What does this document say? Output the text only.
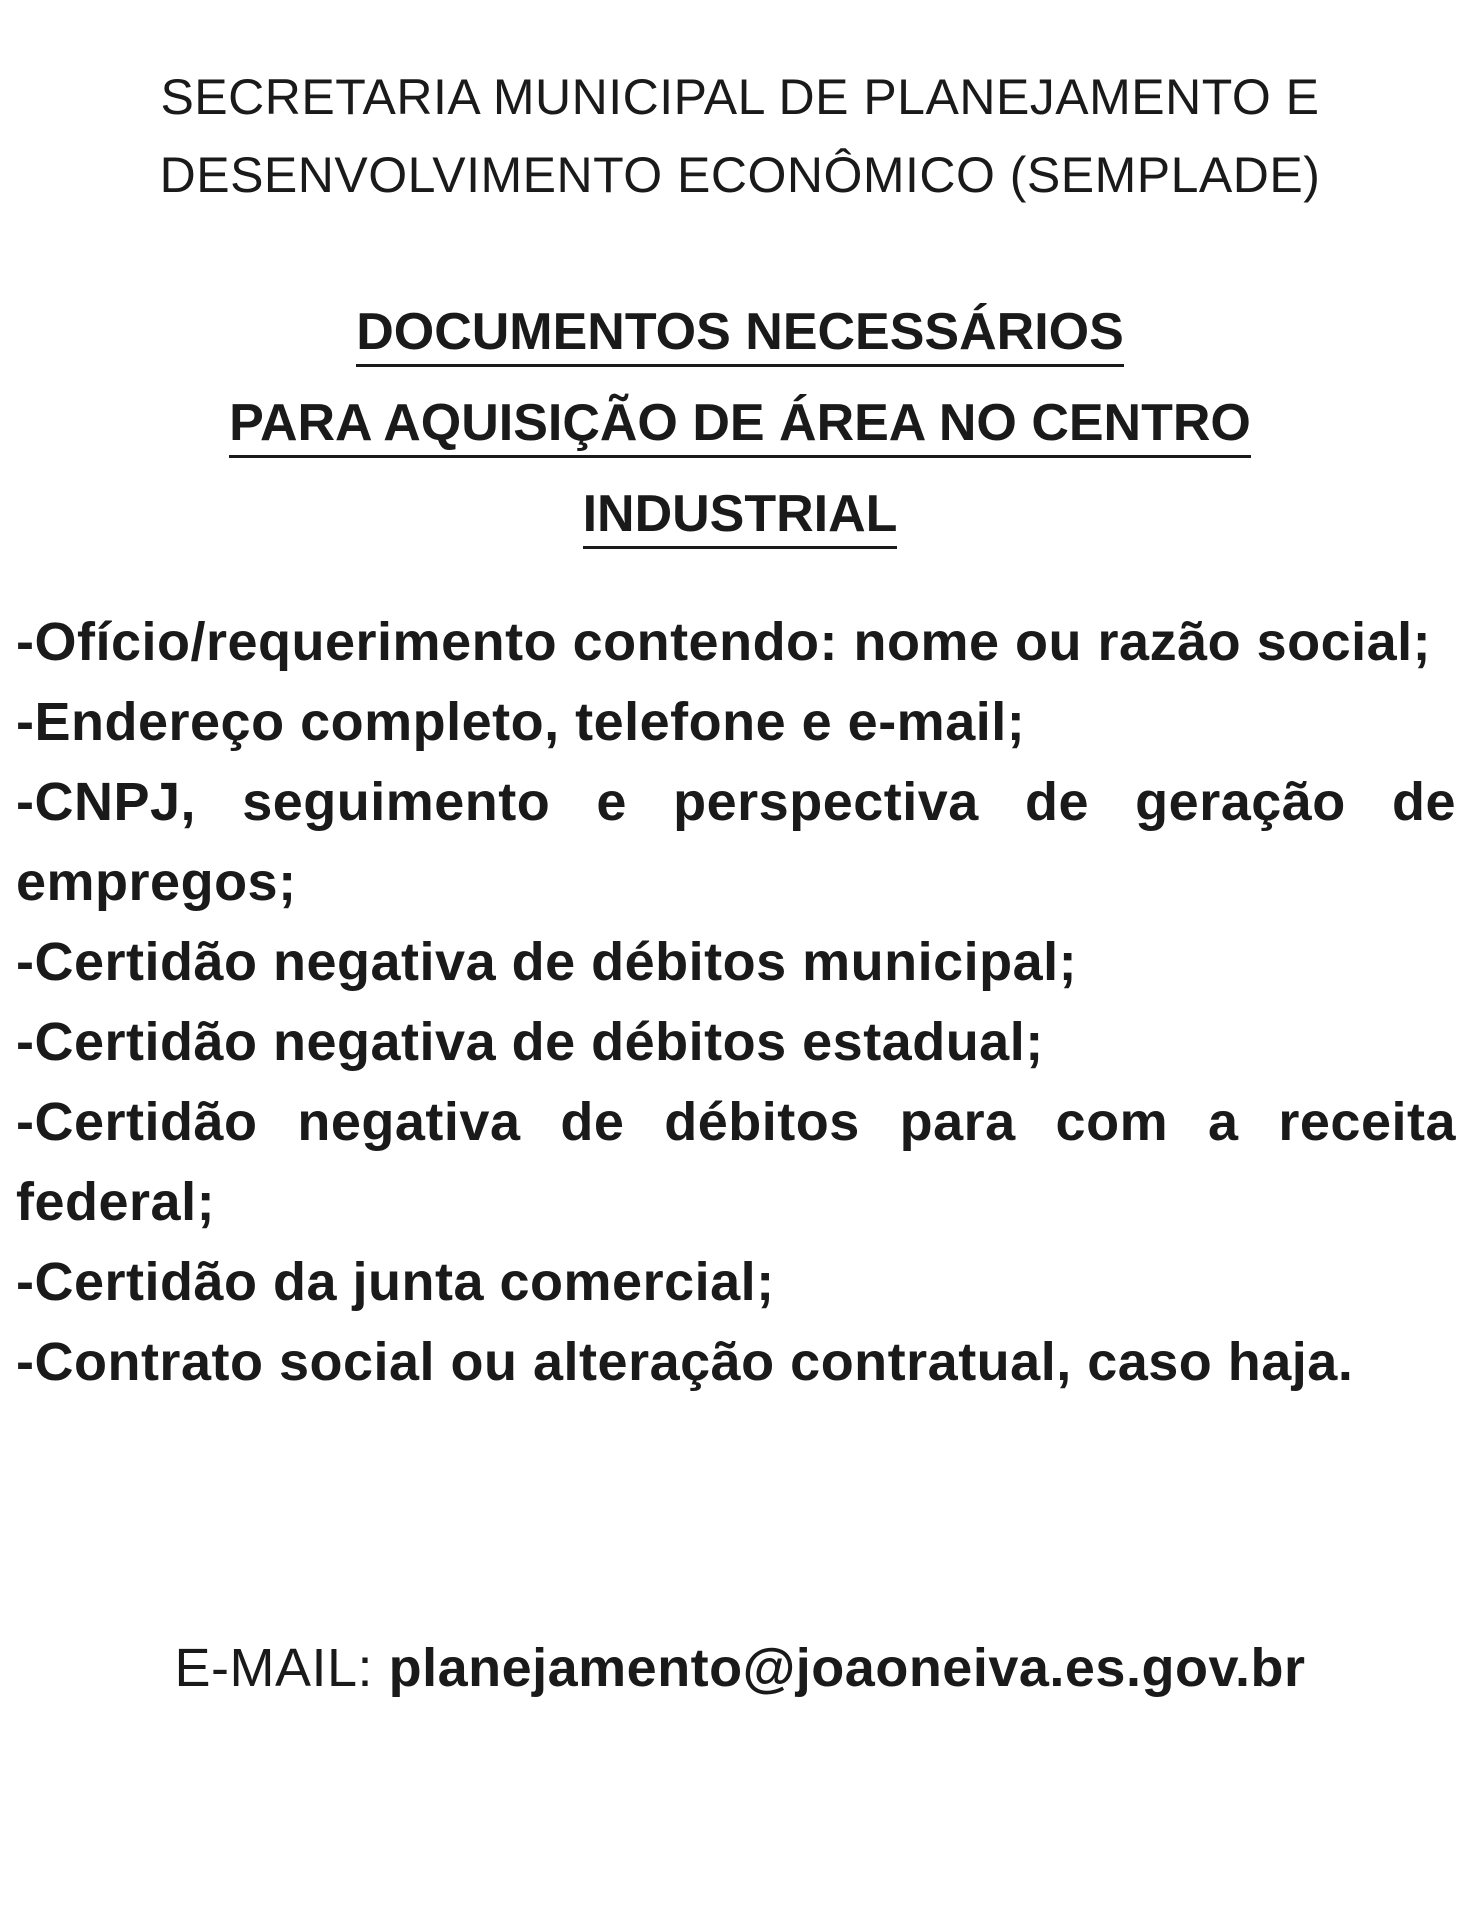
SECRETARIA MUNICIPAL DE PLANEJAMENTO E
DESENVOLVIMENTO ECONÔMICO (SEMPLADE)
DOCUMENTOS NECESSÁRIOS
PARA AQUISIÇÃO DE ÁREA NO CENTRO
INDUSTRIAL
-Ofício/requerimento contendo: nome ou razão social;
-Endereço completo, telefone e e-mail;
-CNPJ, seguimento e perspectiva de geração de empregos;
-Certidão negativa de débitos municipal;
-Certidão negativa de débitos estadual;
-Certidão negativa de débitos para com a receita federal;
-Certidão da junta comercial;
-Contrato social ou alteração contratual, caso haja.

E-MAIL: planejamento@joaoneiva.es.gov.br
